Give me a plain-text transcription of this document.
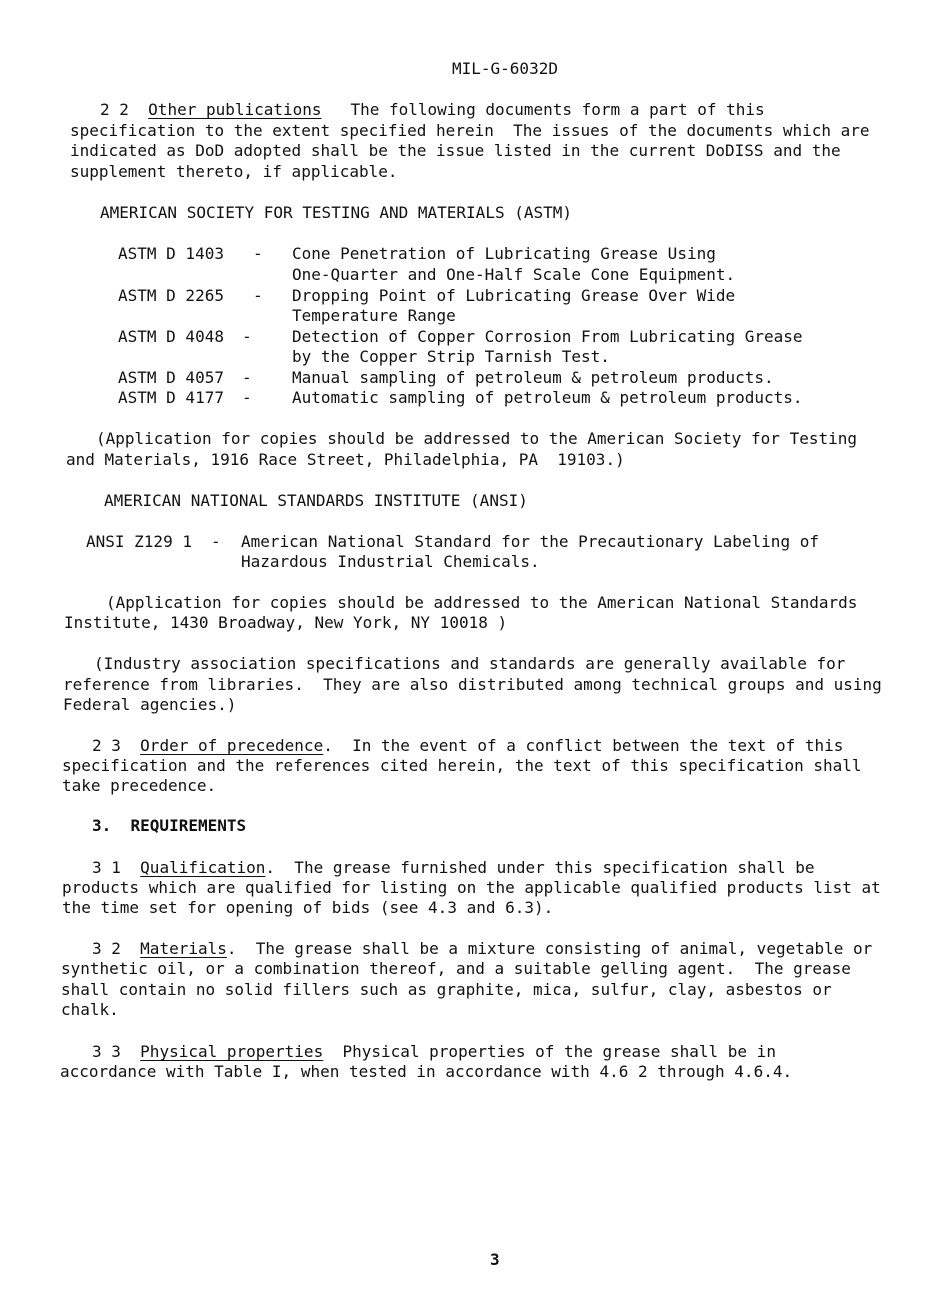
MIL-G-6032D
2 2 Other publications The following documents form a part of this
specification to the extent specified herein  The issues of the documents which are
indicated as DoD adopted shall be the issue listed in the current DoDISS and the
supplement thereto, if applicable.
AMERICAN SOCIETY FOR TESTING AND MATERIALS (ASTM)
ASTM D 1403 - Cone Penetration of Lubricating Grease Using
One-Quarter and One-Half Scale Cone Equipment.
ASTM D 2265 - Dropping Point of Lubricating Grease Over Wide
Temperature Range
ASTM D 4048 -	Detection of Copper Corrosion From Lubricating Grease
by the Copper Strip Tarnish Test.
ASTM D 4057 -	Manual sampling of petroleum & petroleum products.
ASTM D 4177 -	Automatic sampling of petroleum & petroleum products.
(Application for copies should be addressed to the American Society for Testing
and Materials, 1916 Race Street, Philadelphia, PA  19103.)
AMERICAN NATIONAL STANDARDS INSTITUTE (ANSI)
ANSI Z129 1 - American National Standard for the Precautionary Labeling of
Hazardous Industrial Chemicals.
(Application for copies should be addressed to the American National Standards
Institute, 1430 Broadway, New York, NY 10018 )
(Industry association specifications and standards are generally available for
reference from libraries.  They are also distributed among technical groups and using
Federal agencies.)
2 3 Order of precedence.  In the event of a conflict between the text of this
specification and the references cited herein, the text of this specification shall
take precedence.
3. REQUIREMENTS
3 1 Qualification.  The grease furnished under this specification shall be
products which are qualified for listing on the applicable qualified products list at
the time set for opening of bids (see 4.3 and 6.3).
3 2 Materials.  The grease shall be a mixture consisting of animal, vegetable or
synthetic oil, or a combination thereof, and a suitable gelling agent.  The grease
shall contain no solid fillers such as graphite, mica, sulfur, clay, asbestos or
chalk.
3 3 Physical properties  Physical properties of the grease shall be in
accordance with Table I, when tested in accordance with 4.6 2 through 4.6.4.
3
